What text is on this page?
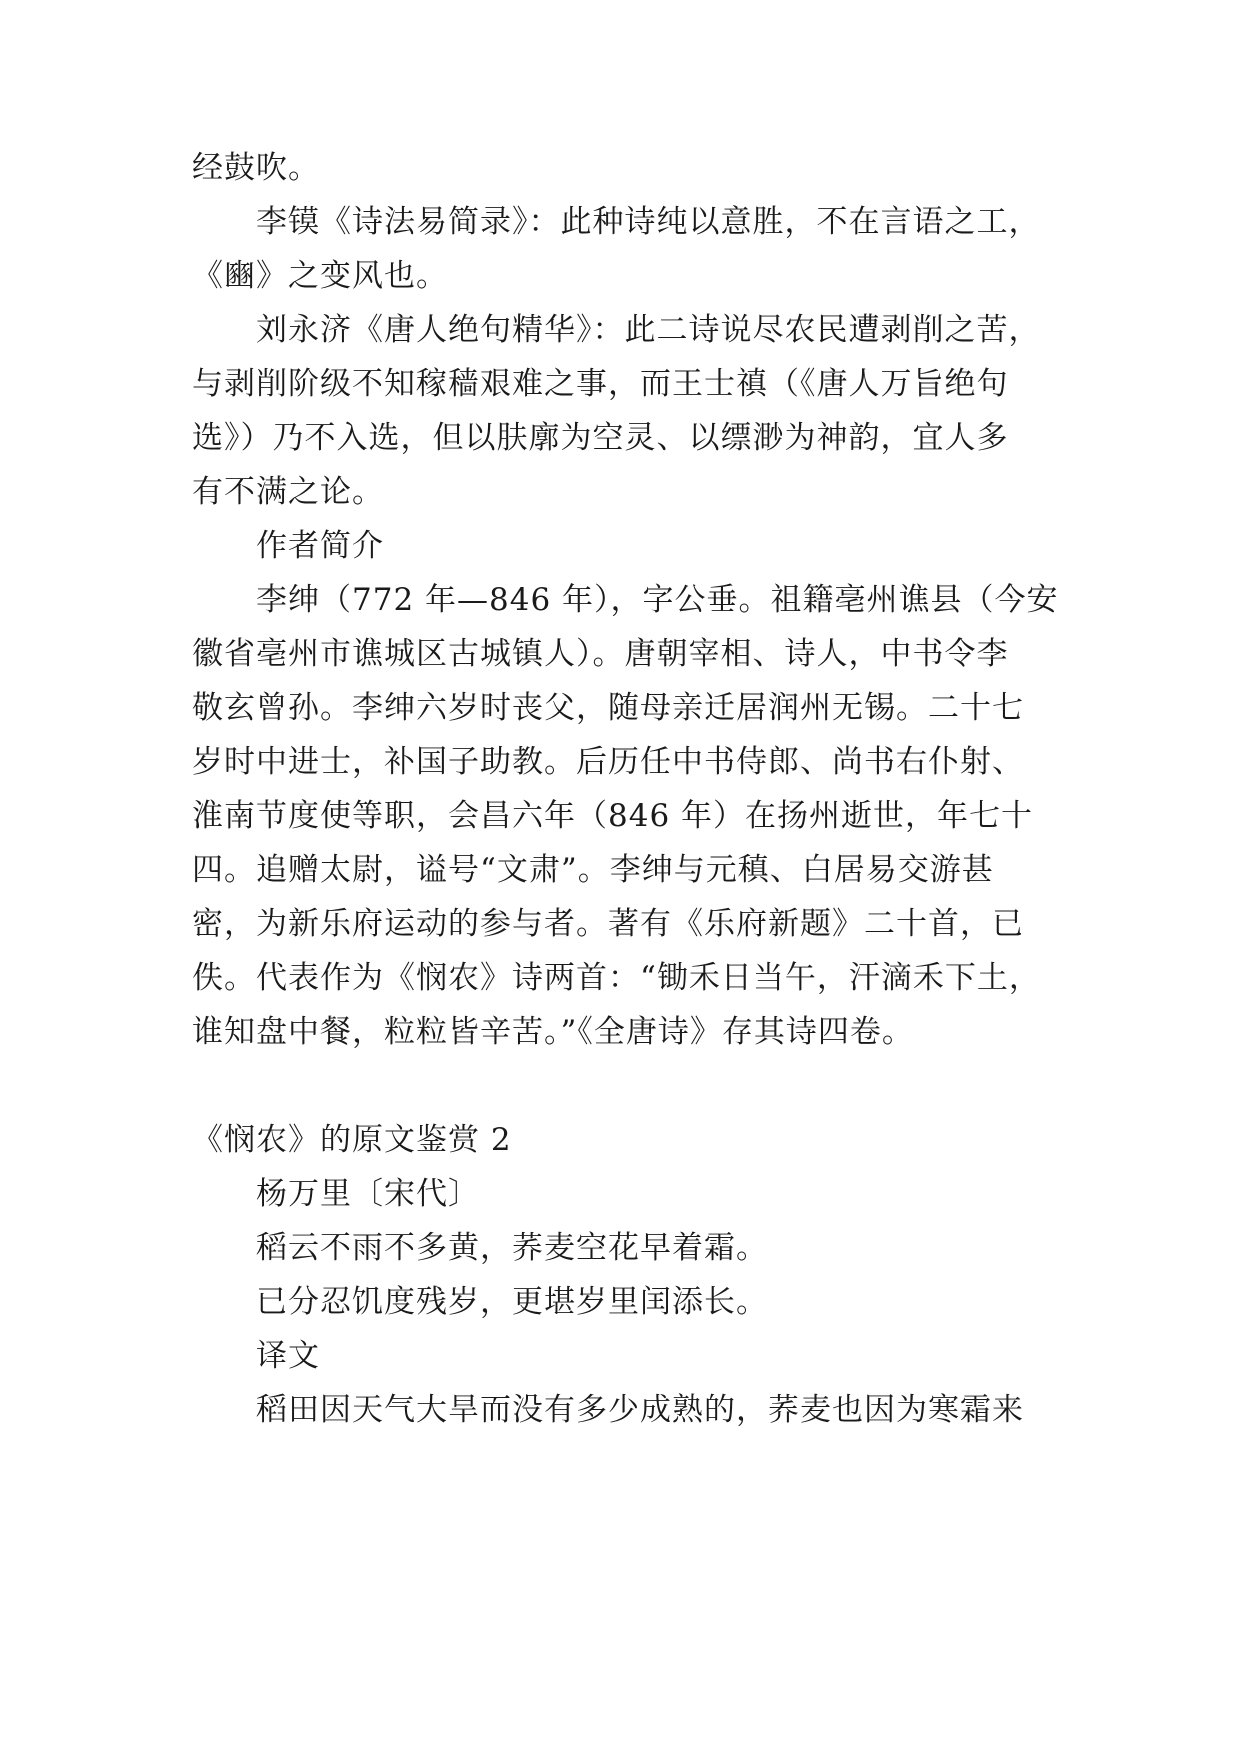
经鼓吹。
李镆《诗法易简录》：此种诗纯以意胜，不在言语之工，
《豳》之变风也。
刘永济《唐人绝句精华》：此二诗说尽农民遭剥削之苦，
与剥削阶级不知稼穑艰难之事，而王士禛（《唐人万旨绝句
选》）乃不入选，但以肤廓为空灵、以缥渺为神韵，宜人多
有不满之论。
作者简介
李绅（772 年—846 年），字公垂。祖籍亳州谯县（今安
徽省亳州市谯城区古城镇人）。唐朝宰相、诗人，中书令李
敬玄曾孙。李绅六岁时丧父，随母亲迁居润州无锡。二十七
岁时中进士，补国子助教。后历任中书侍郎、尚书右仆射、
淮南节度使等职，会昌六年（846 年）在扬州逝世，年七十
四。追赠太尉，谥号“文肃”。李绅与元稹、白居易交游甚
密，为新乐府运动的参与者。著有《乐府新题》二十首，已
佚。代表作为《悯农》诗两首：“锄禾日当午，汗滴禾下土，
谁知盘中餐，粒粒皆辛苦。”《全唐诗》存其诗四卷。
《悯农》的原文鉴赏 2
杨万里〔宋代〕
稻云不雨不多黄，荞麦空花早着霜。
已分忍饥度残岁，更堪岁里闰添长。
译文
稻田因天气大旱而没有多少成熟的，荞麦也因为寒霜来
